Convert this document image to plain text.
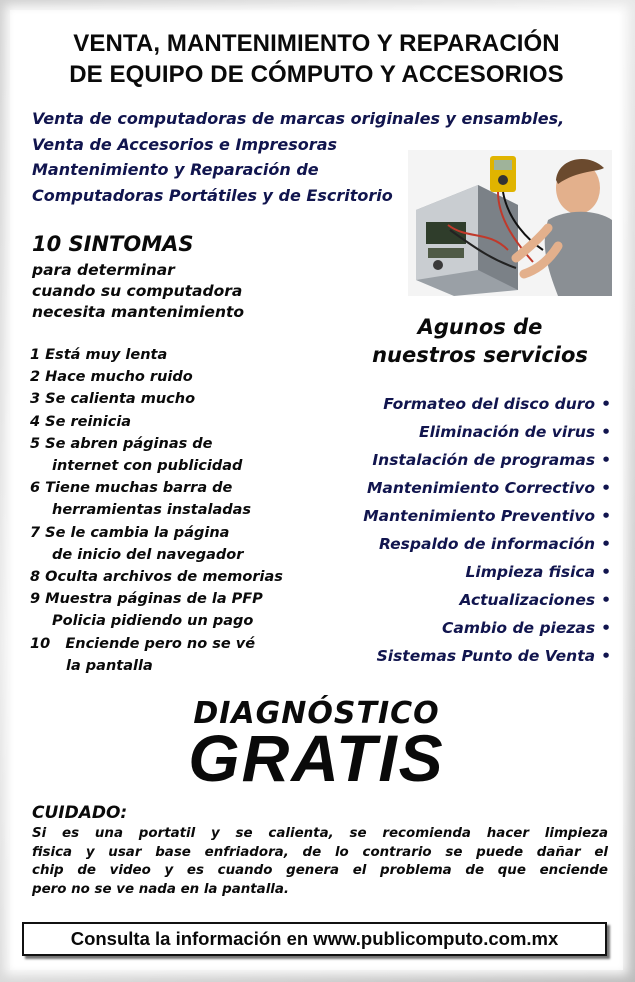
VENTA, MANTENIMIENTO Y REPARACIÓN
DE EQUIPO DE CÓMPUTO Y ACCESORIOS
Venta de computadoras de marcas originales y ensambles,
Venta de Accesorios e Impresoras
Mantenimiento y Reparación de
Computadoras Portátiles y de Escritorio
10 SINTOMAS
para determinar
cuando su computadora
necesita mantenimiento
1 Está muy lenta
2 Hace mucho ruido
3 Se calienta mucho
4 Se reinicia
5 Se abren páginas de
internet con publicidad
6 Tiene muchas barra de
herramientas instaladas
7 Se le cambia la página
de inicio del navegador
8 Oculta archivos de memorias
9 Muestra páginas de la PFP
Policia pidiendo un pago
10 Enciende pero no se vé
la pantalla
Agunos de
nuestros servicios
Formateo del disco duro •
Eliminación de virus •
Instalación de programas •
Mantenimiento Correctivo •
Mantenimiento Preventivo •
Respaldo de información •
Limpieza fisica •
Actualizaciones •
Cambio de piezas •
Sistemas Punto de Venta •
DIAGNÓSTICO
GRATIS
CUIDADO:
Si es una portatil y se calienta, se recomienda hacer limpieza
fisica y usar base enfriadora, de lo contrario se puede dañar el
chip de video y es cuando genera el problema de que enciende
pero no se ve nada en la pantalla.
Consulta la información en www.publicomputo.com.mx
